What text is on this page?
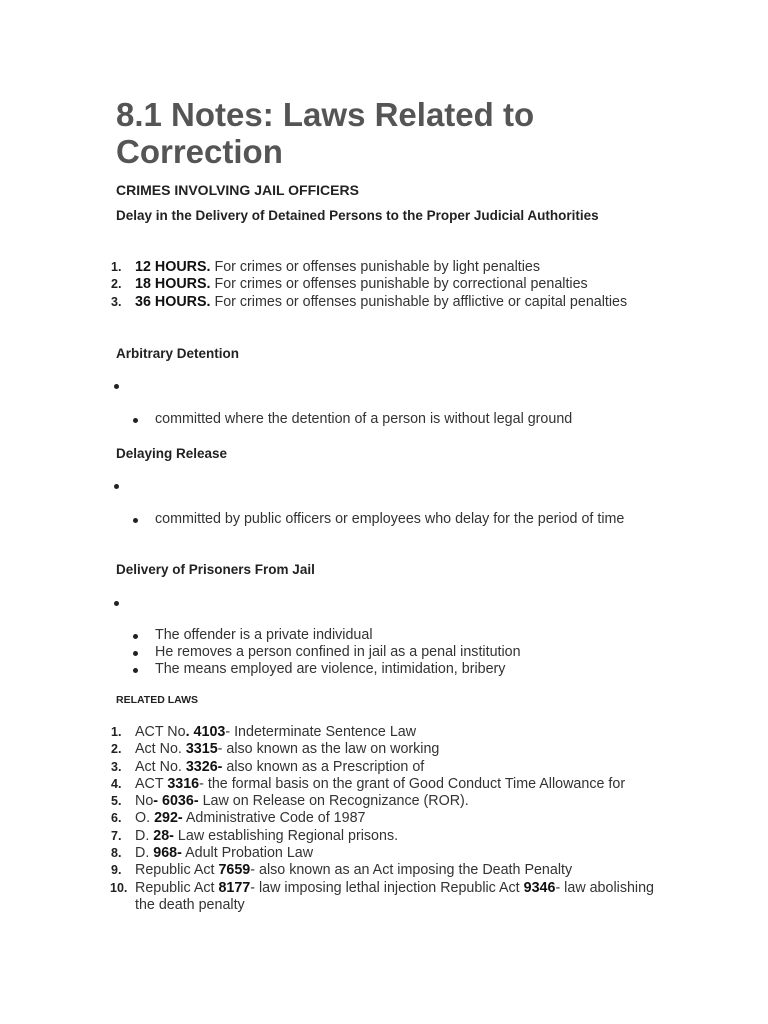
8.1 Notes: Laws Related to Correction
CRIMES INVOLVING JAIL OFFICERS
Delay in the Delivery of Detained Persons to the Proper Judicial Authorities
1. 12 HOURS. For crimes or offenses punishable by light penalties
2. 18 HOURS. For crimes or offenses punishable by correctional penalties
3. 36 HOURS. For crimes or offenses punishable by afflictive or capital penalties
Arbitrary Detention
committed where the detention of a person is without legal ground
Delaying Release
committed by public officers or employees who delay for the period of time
Delivery of Prisoners From Jail
The offender is a private individual
He removes a person confined in jail as a penal institution
The means employed are violence, intimidation, bribery
RELATED LAWS
1. ACT No. 4103- Indeterminate Sentence Law
2. Act No. 3315- also known as the law on working
3. Act No. 3326- also known as a Prescription of
4. ACT 3316- the formal basis on the grant of Good Conduct Time Allowance for
5. No- 6036- Law on Release on Recognizance (ROR).
6. O. 292- Administrative Code of 1987
7. D. 28- Law establishing Regional prisons.
8. D. 968- Adult Probation Law
9. Republic Act 7659- also known as an Act imposing the Death Penalty
10. Republic Act 8177- law imposing lethal injection Republic Act 9346- law abolishing the death penalty
